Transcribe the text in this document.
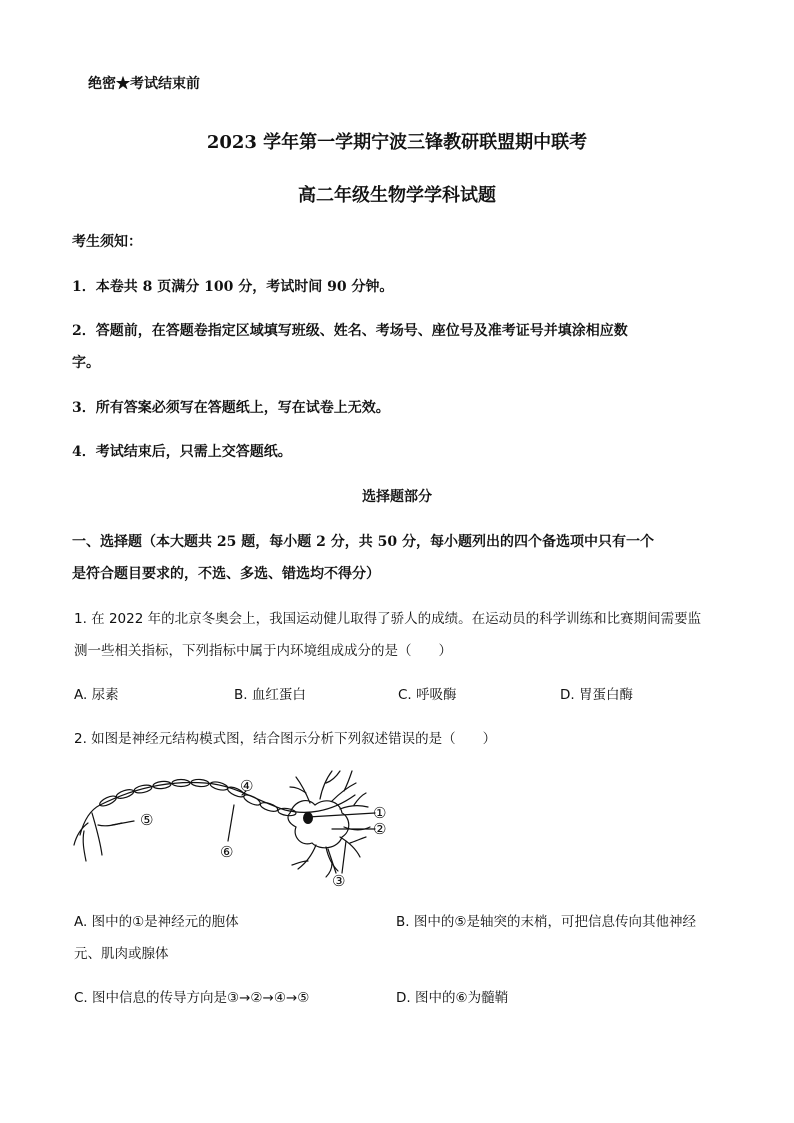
绝密★考试结束前
2023 学年第一学期宁波三锋教研联盟期中联考
高二年级生物学学科试题
考生须知：
1．本卷共 8 页满分 100 分，考试时间 90 分钟。
2．答题前，在答题卷指定区域填写班级、姓名、考场号、座位号及准考证号并填涂相应数
字。
3．所有答案必须写在答题纸上，写在试卷上无效。
4．考试结束后，只需上交答题纸。
选择题部分
一、选择题（本大题共 25 题，每小题 2 分，共 50 分，每小题列出的四个备选项中只有一个
是符合题目要求的，不选、多选、错选均不得分）
1. 在 2022 年的北京冬奥会上，我国运动健儿取得了骄人的成绩。在运动员的科学训练和比赛期间需要监
测一些相关指标，下列指标中属于内环境组成成分的是（　　）
A. 尿素	B. 血红蛋白	C. 呼吸酶	D. 胃蛋白酶
2. 如图是神经元结构模式图，结合图示分析下列叙述错误的是（　　）
①
②
③
④
⑤
⑥
A. 图中的①是神经元的胞体	B. 图中的⑤是轴突的末梢，可把信息传向其他神经
元、肌肉或腺体
C. 图中信息的传导方向是③→②→④→⑤	D. 图中的⑥为髓鞘
